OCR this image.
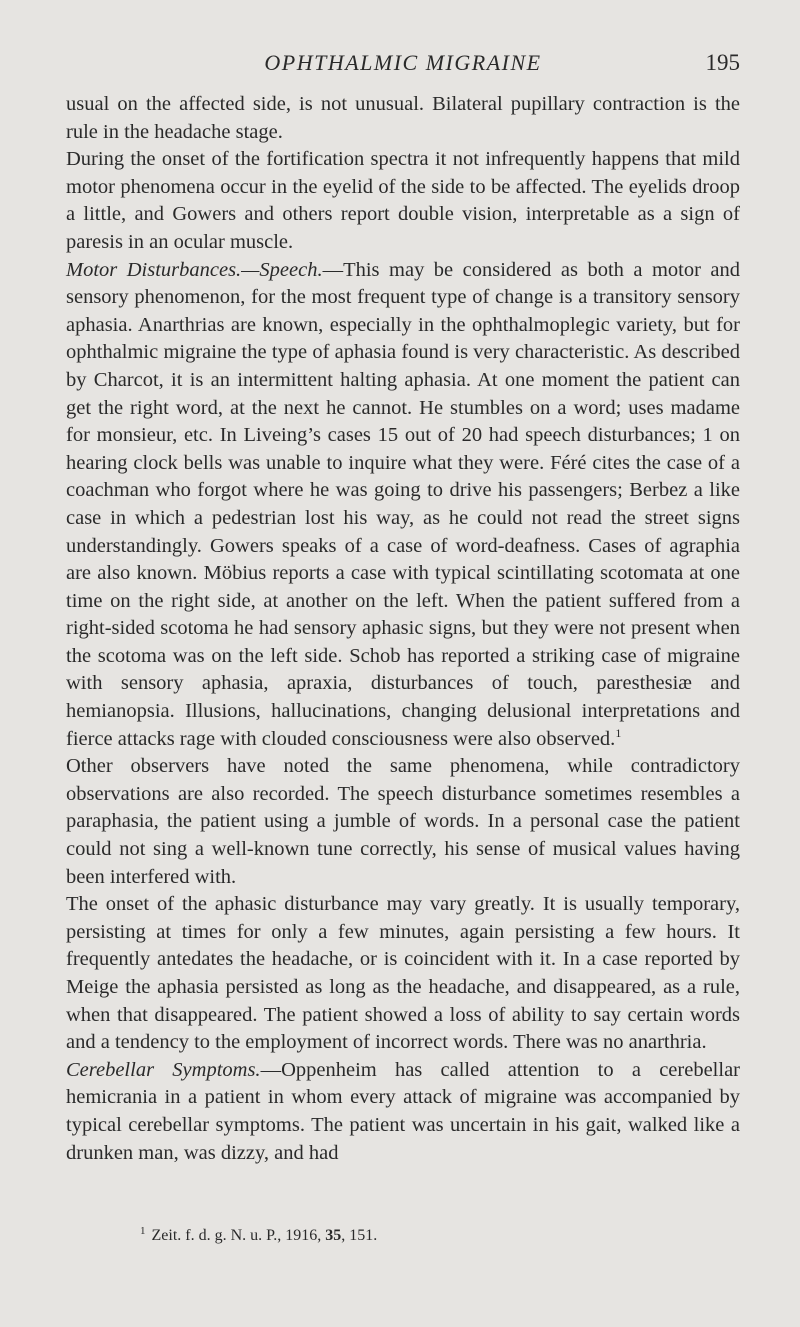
OPHTHALMIC MIGRAINE	195

usual on the affected side, is not unusual. Bilateral pupillary contraction is the rule in the headache stage.

During the onset of the fortification spectra it not infrequently happens that mild motor phenomena occur in the eyelid of the side to be affected. The eyelids droop a little, and Gowers and others report double vision, interpretable as a sign of paresis in an ocular muscle.

Motor Disturbances.—Speech.—This may be considered as both a motor and sensory phenomenon, for the most frequent type of change is a transitory sensory aphasia. Anarthrias are known, especially in the ophthalmoplegic variety, but for ophthalmic migraine the type of aphasia found is very characteristic. As described by Charcot, it is an intermittent halting aphasia. At one moment the patient can get the right word, at the next he cannot. He stumbles on a word; uses madame for monsieur, etc. In Liveing’s cases 15 out of 20 had speech disturbances; 1 on hearing clock bells was unable to inquire what they were. Féré cites the case of a coachman who forgot where he was going to drive his passengers; Berbez a like case in which a pedestrian lost his way, as he could not read the street signs understandingly. Gowers speaks of a case of word-deafness. Cases of agraphia are also known. Möbius reports a case with typical scintillating scotomata at one time on the right side, at another on the left. When the patient suffered from a right-sided scotoma he had sensory aphasic signs, but they were not present when the scotoma was on the left side. Schob has reported a striking case of migraine with sensory aphasia, apraxia, disturbances of touch, paresthesiæ and hemianopsia. Illusions, hallucinations, changing delusional interpretations and fierce attacks rage with clouded consciousness were also observed.$^1$

Other observers have noted the same phenomena, while contradictory observations are also recorded. The speech disturbance sometimes resembles a paraphasia, the patient using a jumble of words. In a personal case the patient could not sing a well-known tune correctly, his sense of musical values having been interfered with.

The onset of the aphasic disturbance may vary greatly. It is usually temporary, persisting at times for only a few minutes, again persisting a few hours. It frequently antedates the headache, or is coincident with it. In a case reported by Meige the aphasia persisted as long as the headache, and disappeared, as a rule, when that disappeared. The patient showed a loss of ability to say certain words and a tendency to the employment of incorrect words. There was no anarthria.

Cerebellar Symptoms.—Oppenheim has called attention to a cerebellar hemicrania in a patient in whom every attack of migraine was accompanied by typical cerebellar symptoms. The patient was uncertain in his gait, walked like a drunken man, was dizzy, and had

$^1$ Zeit. f. d. g. N. u. P., 1916, 35, 151.
